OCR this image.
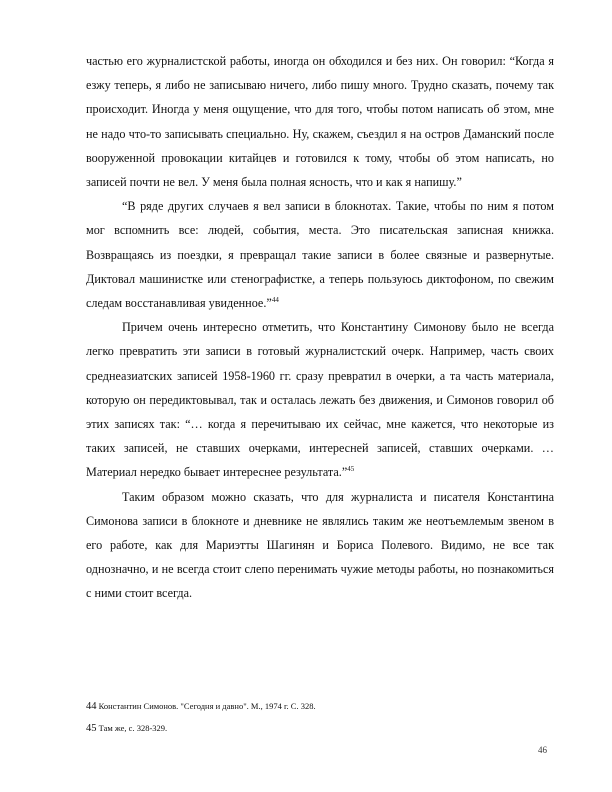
частью его журналистской работы, иногда он обходился и без них. Он говорил: “Когда я езжу теперь, я либо не записываю ничего, либо пишу много. Трудно сказать, почему так происходит. Иногда у меня ощущение, что для того, чтобы потом написать об этом, мне не надо что-то записывать специально. Ну, скажем, съездил я на остров Даманский после вооруженной провокации китайцев и готовился к тому, чтобы об этом написать, но записей почти не вел. У меня была полная ясность, что и как я напишу.”

“В ряде других случаев я вел записи в блокнотах. Такие, чтобы по ним я потом мог вспомнить все: людей, события, места. Это писательская записная книжка. Возвращаясь из поездки, я превращал такие записи в более связные и развернутые. Диктовал машинистке или стенографистке, а теперь пользуюсь диктофоном, по свежим следам восстанавливая увиденное.”$^{44}$

Причем очень интересно отметить, что Константину Симонову было не всегда легко превратить эти записи в готовый журналистский очерк. Например, часть своих среднеазиатских записей 1958-1960 гг. сразу превратил в очерки, а та часть материала, которую он передиктовывал, так и осталась лежать без движения, и Симонов говорил об этих записях так: “… когда я перечитываю их сейчас, мне кажется, что некоторые из таких записей, не ставших очерками, интересней записей, ставших очерками. …Материал нередко бывает интереснее результата.”$^{45}$

Таким образом можно сказать, что для журналиста и писателя Константина Симонова записи в блокноте и дневнике не являлись таким же неотъемлемым звеном в его работе, как для Мариэтты Шагинян и Бориса Полевого. Видимо, не все так однозначно, и не всегда стоит слепо перенимать чужие методы работы, но познакомиться с ними стоит всегда.

44 Константин Симонов. "Сегодня и давно". М., 1974 г. С. 328.
45 Там же, с. 328-329.
46
